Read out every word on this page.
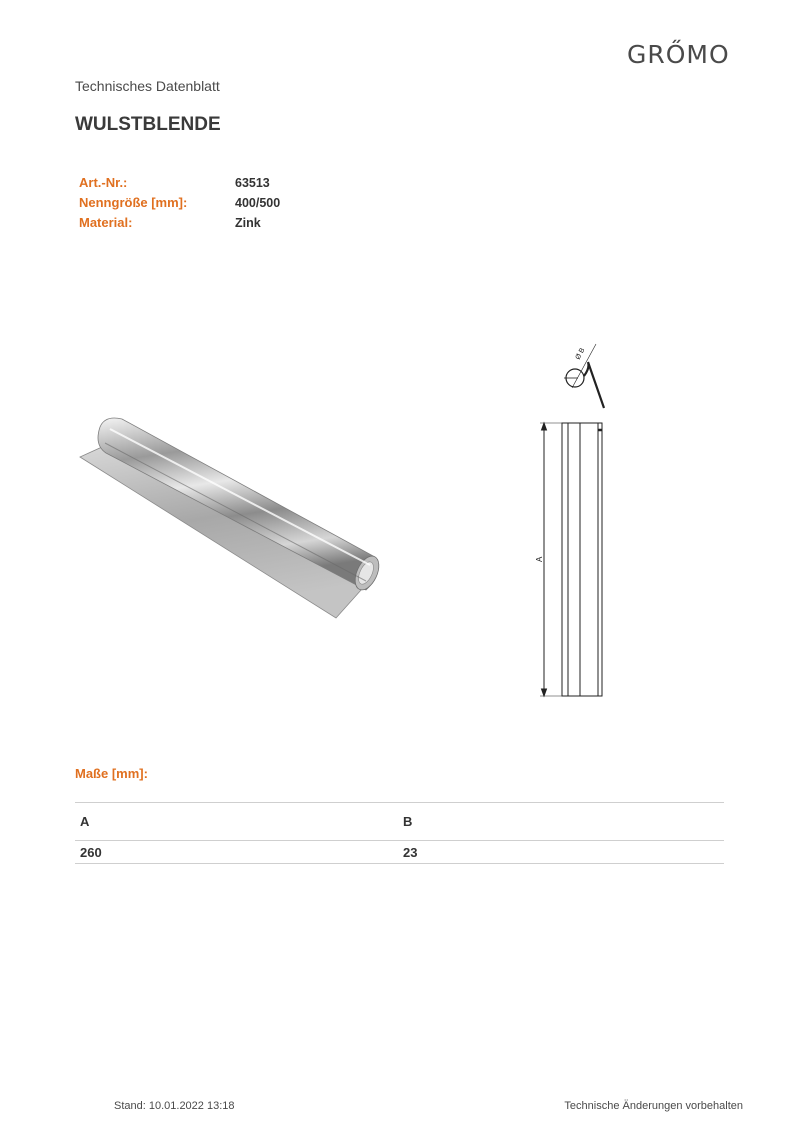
GRŐMO
Technisches Datenblatt
WULSTBLENDE
Art.-Nr.:	63513
Nenngröße [mm]:	400/500
Material:	Zink
Ø B
A
Maße [mm]:
A	B
260	23
Stand: 10.01.2022 13:18	Technische Änderungen vorbehalten
